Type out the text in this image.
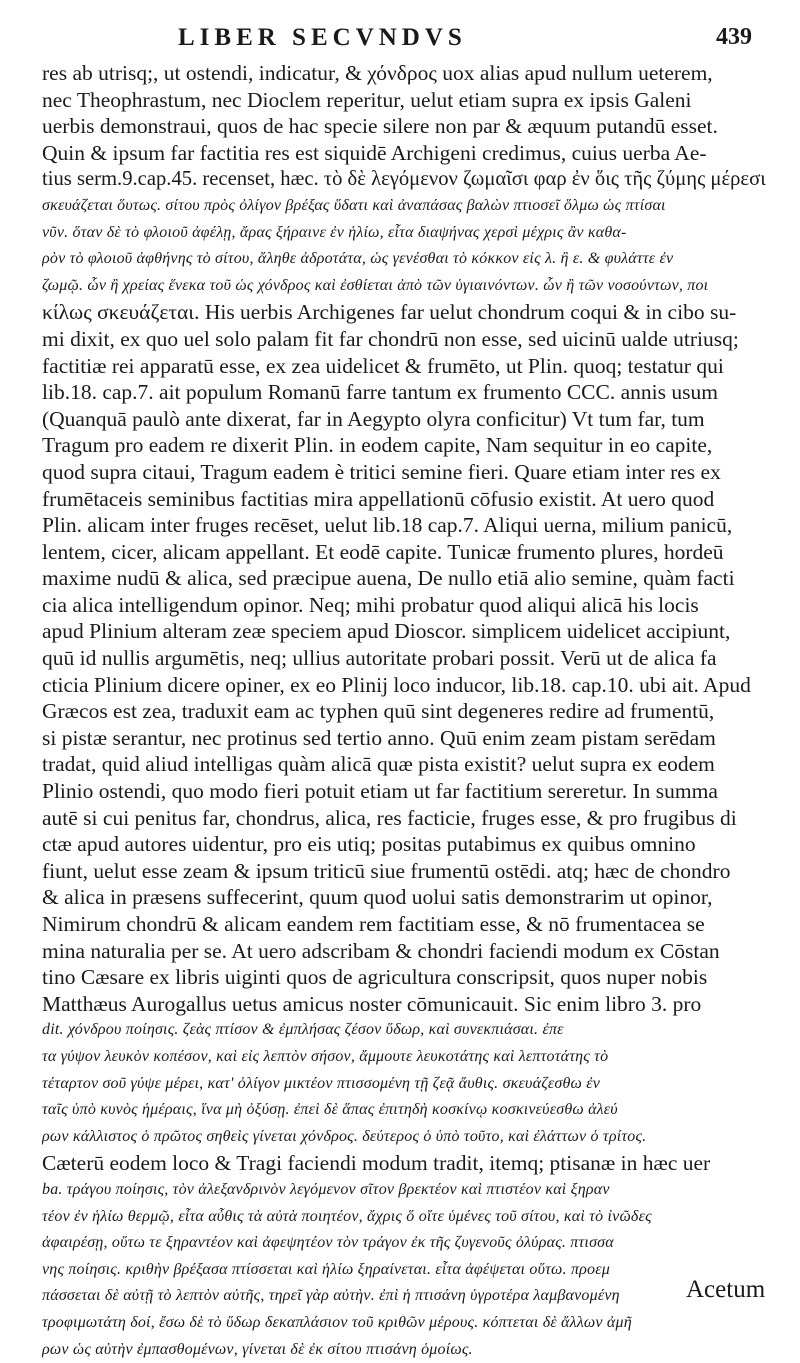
LIBER SECVNDVS	439
res ab utrisq;, ut ostendi, indicatur, & χόνδρος uox alias apud nullum ueterem,
nec Theophrastum, nec Dioclem reperitur, uelut etiam supra ex ipsis Galeni
uerbis demonstraui, quos de hac specie silere non par & æquum putandū esset.
Quin & ipsum far factitia res est siquidē Archigeni credimus, cuius uerba Ae-
tius serm.9.cap.45. recenset, hæc. τὸ δὲ λεγόμενον ζωμαῖσι φαρ ἐν ὅις τῆς ζύμης μέρεσι
σκευάζεται ὅυτως. σίτου πρὸς ὀλίγον βρέξας ὕδατι καὶ ἀναπάσας βαλὼν πτιοσεῖ ὅλμω ὡς πτίσαι
νῦν. ὅταν δὲ τὸ φλοιοῦ ἀφέλῃ, ἄρας ξήραινε ἐν ἡλίω, εἶτα διαψήνας χερσὶ μέχρις ἂν καθα-
ρὸν τὸ φλοιοῦ ἀφθήνης τὸ σίτου, ἄληθε ἀδροτάτα, ὡς γενέσθαι τὸ κόκκον εἰς λ. ἢ ε. & φυλάττε ἐν
ζωμῷ. ὧν ἢ χρείας ἕνεκα τοῦ ὡς χόνδρος καὶ ἐσθίεται ἀπὸ τῶν ὑγιαινόντων. ὧν ἢ τῶν νοσούντων, ποι
κίλως σκευάζεται. His uerbis Archigenes far uelut chondrum coqui & in cibo su-
mi dixit, ex quo uel solo palam fit far chondrū non esse, sed uicinū ualde utriusq;
factitiæ rei apparatū esse, ex zea uidelicet & frumēto, ut Plin. quoq; testatur qui
lib.18. cap.7. ait populum Romanū farre tantum ex frumento CCC. annis usum
(Quanquā paulò ante dixerat, far in Aegypto olyra conficitur) Vt tum far, tum
Tragum pro eadem re dixerit Plin. in eodem capite, Nam sequitur in eo capite,
quod supra citaui, Tragum eadem è tritici semine fieri. Quare etiam inter res ex
frumētaceis seminibus factitias mira appellationū cōfusio existit. At uero quod
Plin. alicam inter fruges recēset, uelut lib.18 cap.7. Aliqui uerna, milium panicū,
lentem, cicer, alicam appellant. Et eodē capite. Tunicæ frumento plures, hordeū
maxime nudū & alica, sed præcipue auena, De nullo etiā alio semine, quàm facti
cia alica intelligendum opinor. Neq; mihi probatur quod aliqui alicā his locis
apud Plinium alteram zeæ speciem apud Dioscor. simplicem uidelicet accipiunt,
quū id nullis argumētis, neq; ullius autoritate probari possit. Verū ut de alica fa
cticia Plinium dicere opiner, ex eo Plinij loco inducor, lib.18. cap.10. ubi ait. Apud
Græcos est zea, traduxit eam ac typhen quū sint degeneres redire ad frumentū,
si pistæ serantur, nec protinus sed tertio anno. Quū enim zeam pistam serēdam
tradat, quid aliud intelligas quàm alicā quæ pista existit? uelut supra ex eodem
Plinio ostendi, quo modo fieri potuit etiam ut far factitium sereretur. In summa
autē si cui penitus far, chondrus, alica, res facticie, fruges esse, & pro frugibus di
ctæ apud autores uidentur, pro eis utiq; positas putabimus ex quibus omnino
fiunt, uelut esse zeam & ipsum triticū siue frumentū ostēdi. atq; hæc de chondro
& alica in præsens suffecerint, quum quod uolui satis demonstrarim ut opinor,
Nimirum chondrū & alicam eandem rem factitiam esse, & nō frumentacea se
mina naturalia per se. At uero adscribam & chondri faciendi modum ex Cōstan
tino Cæsare ex libris uiginti quos de agricultura conscripsit, quos nuper nobis
Matthæus Aurogallus uetus amicus noster cōmunicauit. Sic enim libro 3. pro
dit. χόνδρου ποίησις. ζεὰς πτίσον & ἐμπλήσας ζέσον ὕδωρ, καὶ συνεκπιάσαι. ἐπε
τα γύψον λευκὸν κοπέσον, καὶ εἰς λεπτὸν σήσον, ἄμμουτε λευκοτάτης καὶ λεπτοτάτης τὸ
τέταρτον σοῦ γύψε μέρει, κατ' ὀλίγον μικτέον πτισσομένη τῇ ζεᾷ ἄυθις. σκευάζεσθω ἐν
ταῖς ὑπὸ κυνὸς ἡμέραις, ἵνα μὴ ὀξύσῃ. ἐπεὶ δὲ ἅπας ἐπιτηδὴ κοσκίνῳ κοσκινεύεσθω ἀλεύ
ρων κάλλιστος ὁ πρῶτος σηθεὶς γίνεται χόνδρος. δεύτερος ὁ ὑπὸ τοῦτο, καὶ ἐλάττων ὁ τρίτος.
Cæterū eodem loco & Tragi faciendi modum tradit, itemq; ptisanæ in hæc uer
ba. τράγου ποίησις, τὸν ἀλεξανδρινὸν λεγόμενον σῖτον βρεκτέον καὶ πτιστέον καὶ ξηραν
τέον ἐν ἡλίω θερμῷ, εἶτα αὖθις τὰ αὐτὰ ποιητέον, ἄχρις ὅ οἴτε ὑμένες τοῦ σίτου, καὶ τὸ ἰνῶδες
ἀφαιρέσῃ, οὕτω τε ξηραντέον καὶ ἀφεψητέον τὸν τράγον ἐκ τῆς ζυγενοῦς ὀλύρας. πτισσα
νης ποίησις. κριθὴν βρέξασα πτίσσεται καὶ ἡλίω ξηραίνεται. εἶτα ἀφέψεται οὕτω. προεμ
πάσσεται δὲ αὐτῇ τὸ λεπτὸν αὐτῆς, τηρεῖ γὰρ αὐτὴν. ἐπὶ ἡ πτισάνη ὑγροτέρα λαμβανομένη
τροφιμωτάτη δοί, ἔσω δὲ τὸ ὕδωρ δεκαπλάσιον τοῦ κριθῶν μέρους. κόπτεται δὲ ἄλλων ἀμῆ
ρων ὡς αὐτὴν ἐμπασθομένων, γίνεται δὲ ἐκ σίτου πτισάνη ὁμοίως.
Acetum
